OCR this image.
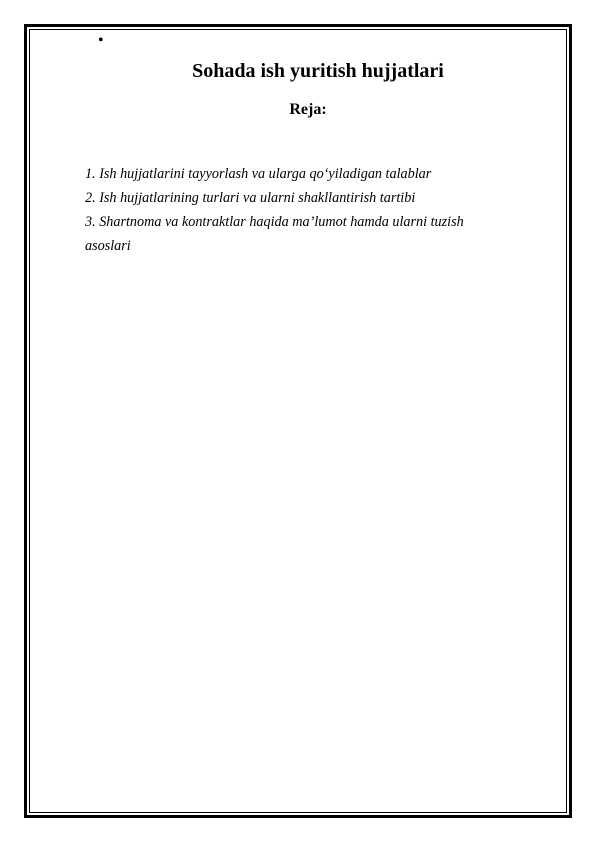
•
Sohada ish yuritish hujjatlari
Reja:
1. Ish hujjatlarini tayyorlash va ularga qo‘yiladigan talablar
2. Ish hujjatlarining turlari va ularni shakllantirish tartibi
3. Shartnoma va kontraktlar haqida ma’lumot hamda ularni tuzish asoslari
